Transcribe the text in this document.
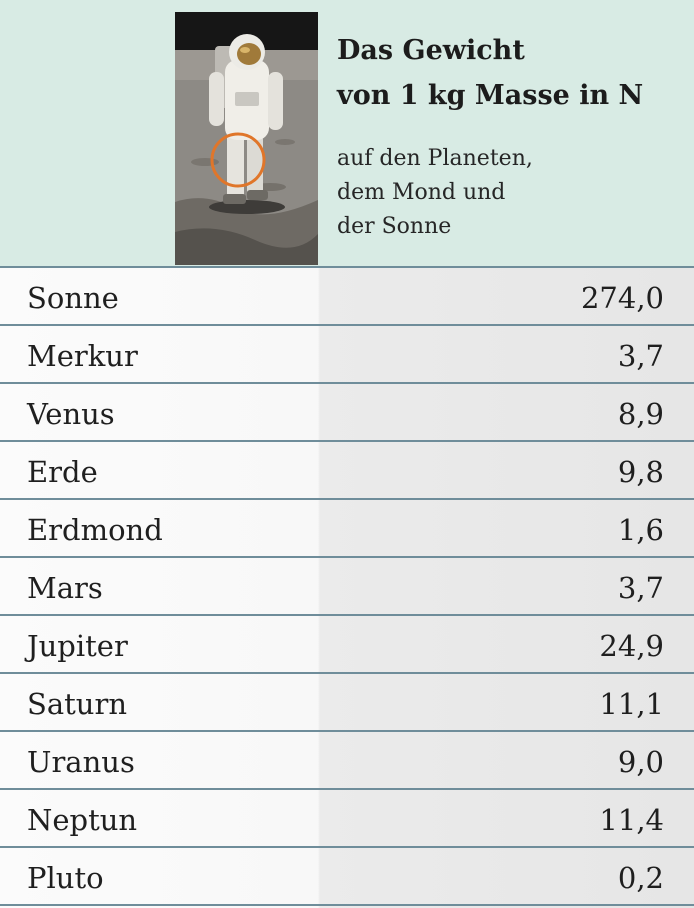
Das Gewicht
von 1 kg Masse in N

auf den Planeten,
dem Mond und
der Sonne

Sonne	274,0
Merkur	3,7
Venus	8,9
Erde	9,8
Erdmond	1,6
Mars	3,7
Jupiter	24,9
Saturn	11,1
Uranus	9,0
Neptun	11,4
Pluto	0,2
